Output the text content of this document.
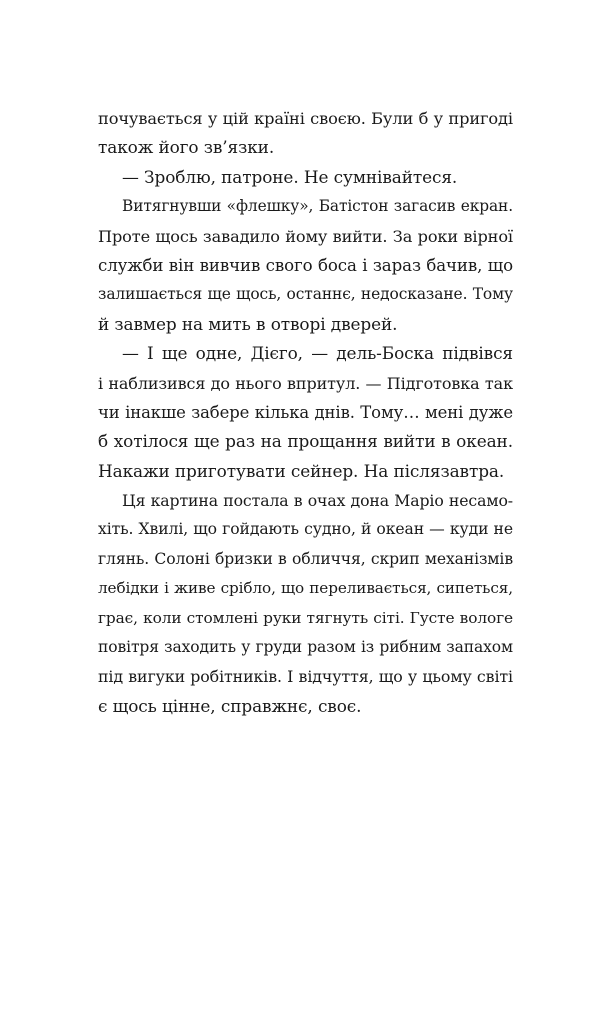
почувається у цій країні своєю. Були б у пригоді
також його зв’язки.
— Зроблю, патроне. Не сумнівайтеся.
Витягнувши «флешку», Батістон загасив екран.
Проте щось завадило йому вийти. За роки вірної
служби він вивчив свого боса і зараз бачив, що
залишається ще щось, останнє, недосказане. Тому
й завмер на мить в отворі дверей.
— І ще одне, Дієго, — дель-Боска підвівся
і наблизився до нього впритул. — Підготовка так
чи інакше забере кілька днів. Тому… мені дуже
б хотілося ще раз на прощання вийти в океан.
Накажи приготувати сейнер. На післязавтра.
Ця картина постала в очах дона Маріо несамо-
хіть. Хвилі, що гойдають судно, й океан — куди не
глянь. Солоні бризки в обличчя, скрип механізмів
лебідки і живе срібло, що переливається, сипеться,
грає, коли стомлені руки тягнуть сіті. Густе вологе
повітря заходить у груди разом із рибним запахом
під вигуки робітників. І відчуття, що у цьому світі
є щось цінне, справжнє, своє.
